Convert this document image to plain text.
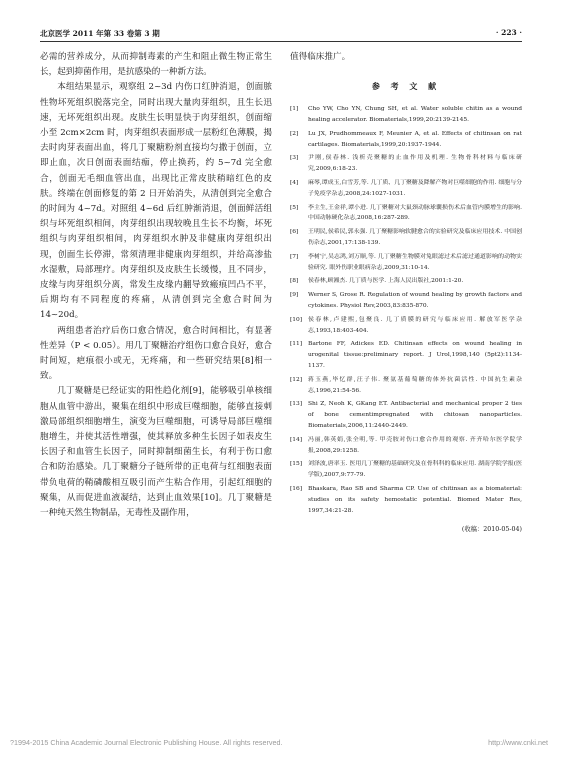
北京医学 2011 年第 33 卷第 3 期	· 223 ·

必需的营养成分，从而抑制毒素的产生和阻止微生物正常生长，起到抑菌作用，是抗感染的一种新方法。

本组结果显示，观察组 2~3d 内伤口红肿消退，创面脓性物坏死组织脱落完全，同时出现大量肉芽组织，且生长迅速，无坏死组织出现。皮肤生长明显快于肉芽组织，创面缩小至 2cm×2cm 时，肉芽组织表面形成一层粉红色薄膜，揭去时肉芽表面出血，将几丁聚糖粉剂直接均匀撒于创面，立即止血，次日创面表面结痂，停止换药，约 5~7d 完全愈合，创面无毛细血管出血，出现比正常皮肤稍暗红色的皮肤。终端在创面修复的第 2 日开始消失，从清创到完全愈合的时间为 4~7d。对照组 4~6d 后红肿渐消退，创面鲜活组织与坏死组织相间，肉芽组织出现较晚且生长不均衡，坏死组织与肉芽组织相间，肉芽组织水肿及非健康肉芽组织出现，创面生长停滞，常须清理非健康肉芽组织，并给高渗盐水湿敷，局部理疗。肉芽组织及皮肤生长缓慢，且不同步，皮缘与肉芽组织分离，常发生皮缘内翻导致瘢痕凹凸不平，后期均有不同程度的疼痛，从清创到完全愈合时间为 14~20d。

两组患者治疗后伤口愈合情况，愈合时间相比，有显著性差异（P < 0.05）。用几丁聚糖治疗组伤口愈合良好，愈合时间短，疤痕很小或无，无疼痛，和一些研究结果[8]相一致。

几丁聚糖是已经证实的阳性趋化剂[9]，能够吸引单核细胞从血管中游出，聚集在组织中形成巨噬细胞，能够直接刺激局部组织细胞增生，演变为巨噬细胞，可诱导局部巨噬细胞增生，并使其活性增强，使其释放多种生长因子如表皮生长因子和血管生长因子，同时抑制细菌生长，有利于伤口愈合和防治感染。几丁聚糖分子链所带的正电荷与红细胞表面带负电荷的鞘磷酸相互吸引而产生粘合作用，引起红细胞的聚集，从而促进血液凝结，达到止血效果[10]。几丁聚糖是一种纯天然生物制品，无毒性及副作用，

值得临床推广。

参 考 文 献
[1]	Cho YW, Cho YN, Chung SH, et al. Water soluble chitin as a wound healing accelerator. Biomaterials,1999,20:2139-2145.
[2]	Lu JX, Prudhommeaux F, Meunier A, et al. Effects of chitinsan on rat cartilages. Biomaterials,1999,20:1937-1944.
[3]	尹刚,侯春林. 浅析壳聚糖的止血作用及机理. 生物骨科材料与临床研究,2009,6:18-23.
[4]	麻琴,谭成玉,白雪芳,等. 几丁质、几丁聚糖及降解产物对巨噬细胞的作用. 细胞与分子免疫学杂志,2008,24:1027-1031.
[5]	李主生,王金祥,谭小进. 几丁聚糖对大鼠颈动脉球囊损伤术后血管内膜增生的影响. 中国动脉硬化杂志,2008,16:287-289.
[6]	王明民,侯希民,郭永强. 几丁聚糖影响软腱愈合的实验研究及临床应用技术. 中国创伤杂志,2001,17:138-139.
[7]	李树宁,吴志鸿,刘万顺,等. 几丁聚糖生物膜对兔眼滤过术后滤过通道影响的动物实验研究. 眼外伤职业眼病杂志,2009,31:10-14.
[8]	侯春林,顾湘杰. 几丁质与医学. 上海人民出版社,2001:1-20.
[9]	Werner S, Grose R. Regulation of wound healing by growth factors and cytokines. Physiol Rev,2003,83:835-870.
[10]	侯春林,卢建熙,包聚良. 几丁质膜的研究与临床应用. 解放军医学杂志,1993,18:403-404.
[11]	Bartone FF, Adickes ED. Chitinsan effects on wound healing in urogenital tissue:preliminary report. J Urol,1998,140 (5pt2):1134-1137.
[12]	蒋玉燕,毕忆群,汪子伟. 聚氨基葡萄糖的体外抗菌活性. 中国抗生素杂志,1996,21:54-56.
[13]	Shi Z, Neoh K, GKang ET. Antibacterial and mechanical proper 2 ties of bone cementimpregnated with chitosan nanoparticles. Biomaterials,2006,11:2440-2449.
[14]	冯丽,韩英娟,张全明,等. 甲壳胺对伤口愈合作用的观察. 齐齐哈尔医学院学报,2008,29:1258.
[15]	刘泽波,唐率玉. 医用几丁聚糖的基础研究及在骨科科的临床应用. 湖南学院学报(医学版),2007,9:77-79.
[16]	Bhaskara, Rao SB and Sharma CP. Use of chitinsan as a biomaterial: studies on its safety hemostatic potential. Biomed Mater Res, 1997,34:21-28.
(收稿：2010-05-04)
?1994-2015 China Academic Journal Electronic Publishing House. All rights reserved.	http://www.cnki.net
